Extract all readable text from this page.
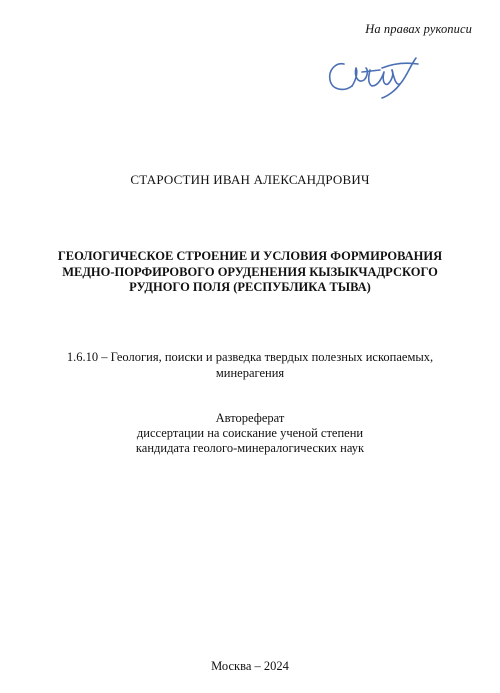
На правах рукописи
СТАРОСТИН ИВАН АЛЕКСАНДРОВИЧ
ГЕОЛОГИЧЕСКОЕ СТРОЕНИЕ И УСЛОВИЯ ФОРМИРОВАНИЯ
МЕДНО-ПОРФИРОВОГО ОРУДЕНЕНИЯ КЫЗЫКЧАДРСКОГО
РУДНОГО ПОЛЯ (РЕСПУБЛИКА ТЫВА)
1.6.10 – Геология, поиски и разведка твердых полезных ископаемых,
минерагения
Автореферат
диссертации на соискание ученой степени
кандидата геолого-минералогических наук
Москва – 2024
